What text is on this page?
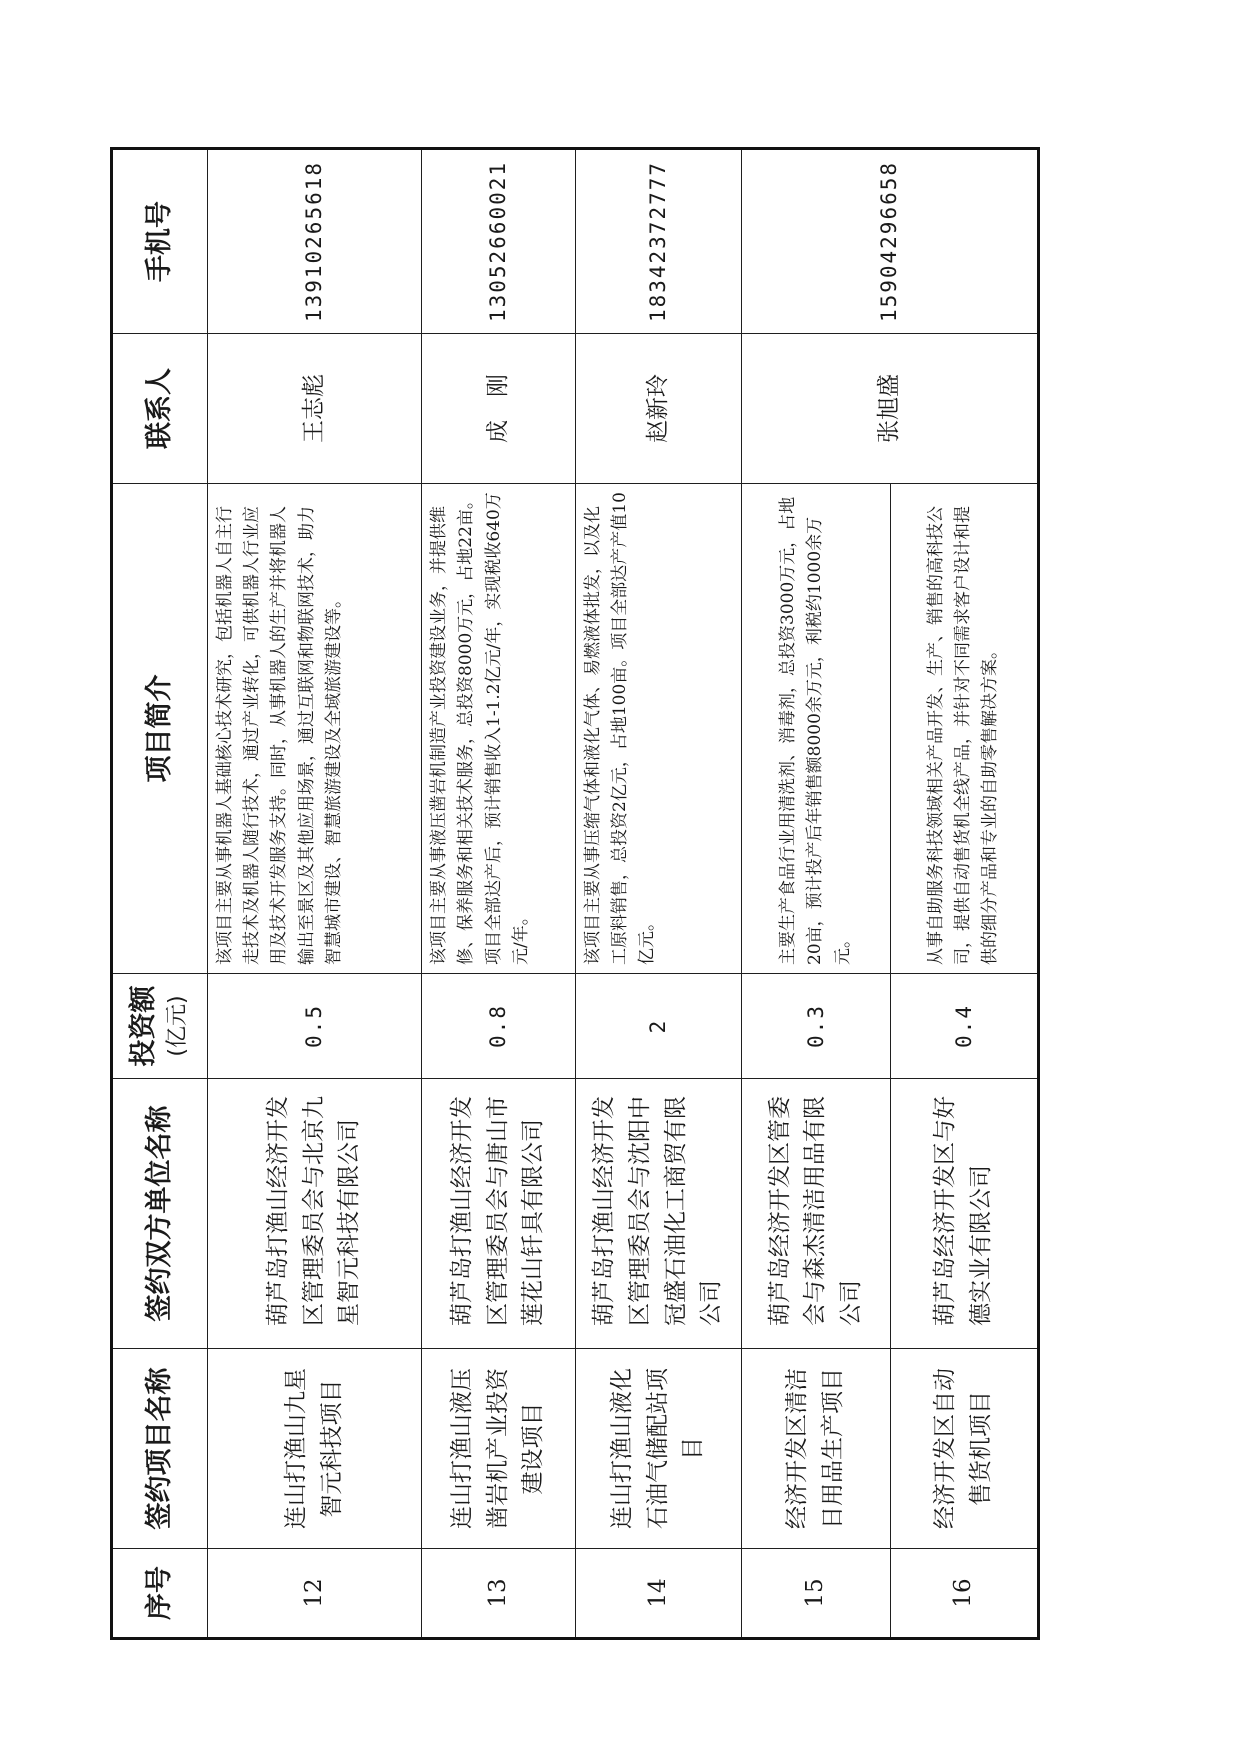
序号	签约项目名称	签约双方单位名称	投资额 (亿元)	项目简介	联系人	手机号
12	连山打渔山九星智元科技项目	葫芦岛打渔山经济开发区管理委员会与北京九星智元科技有限公司	0.5	该项目主要从事机器人基础核心技术研究，包括机器人自主行走技术及机器人随行技术，通过产业转化，可供机器人行业应用及技术开发服务支持。同时，从事机器人的生产并将机器人输出至景区及其他应用场景，通过互联网和物联网技术，助力智慧城市建设、智慧旅游建设及全域旅游建设等。	王志彪	13910265618
13	连山打渔山液压凿岩机产业投资建设项目	葫芦岛打渔山经济开发区管理委员会与唐山市莲花山钎具有限公司	0.8	该项目主要从事液压凿岩机制造产业投资建设业务，并提供维修、保养服务和相关技术服务，总投资8000万元，占地22亩。项目全部达产后，预计销售收入1-1.2亿元/年，实现税收640万元/年。	成　刚	13052660021
14	连山打渔山液化石油气储配站项目	葫芦岛打渔山经济开发区管理委员会与沈阳中冠盛石油化工商贸有限公司	2	该项目主要从事压缩气体和液化气体、易燃液体批发，以及化工原料销售，总投资2亿元，占地100亩。项目全部达产产值10亿元。	赵新玲	18342372777
15	经济开发区清洁日用品生产项目	葫芦岛经济开发区管委会与森杰清洁用品有限公司	0.3	主要生产食品行业用清洗剂、消毒剂，总投资3000万元，占地20亩，预计投产后年销售额8000余万元，利税约1000余万元。	张旭盛	15904296658
16	经济开发区自动售货机项目	葫芦岛经济开发区与好德实业有限公司	0.4	从事自助服务科技领域相关产品开发、生产、销售的高科技公司，提供自动售货机全线产品，并针对不同需求客户设计和提供的细分产品和专业的自助零售解决方案。		
